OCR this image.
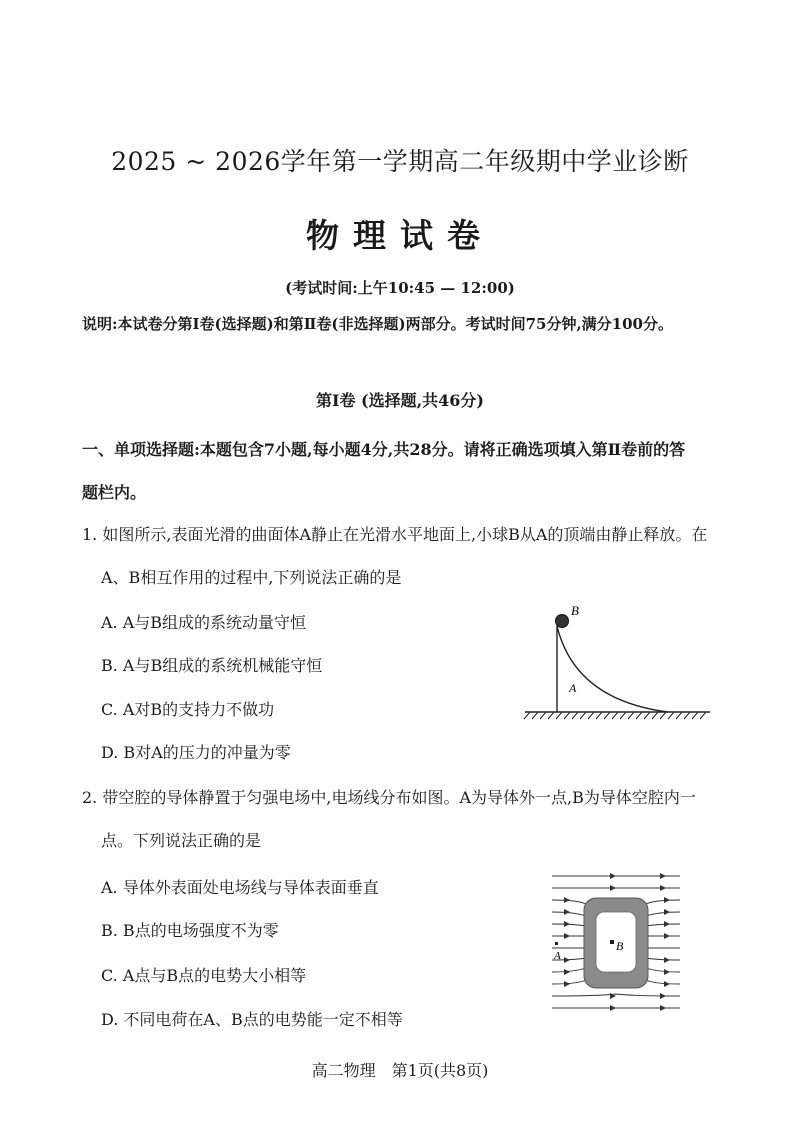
2025 ~ 2026学年第一学期高二年级期中学业诊断
物理试卷
(考试时间:上午10:45 — 12:00)
说明:本试卷分第Ⅰ卷(选择题)和第Ⅱ卷(非选择题)两部分。考试时间75分钟,满分100分。
第Ⅰ卷 (选择题,共46分)
一、单项选择题:本题包含7小题,每小题4分,共28分。请将正确选项填入第Ⅱ卷前的答
题栏内。
1. 如图所示,表面光滑的曲面体A静止在光滑水平地面上,小球B从A的顶端由静止释放。在
A、B相互作用的过程中,下列说法正确的是
A. A与B组成的系统动量守恒
B. A与B组成的系统机械能守恒
C. A对B的支持力不做功
D. B对A的压力的冲量为零
B
A
2. 带空腔的导体静置于匀强电场中,电场线分布如图。A为导体外一点,B为导体空腔内一
点。下列说法正确的是
A. 导体外表面处电场线与导体表面垂直
B. B点的电场强度不为零
C. A点与B点的电势大小相等
D. 不同电荷在A、B点的电势能一定不相等
B
A
高二物理　第1页(共8页)
